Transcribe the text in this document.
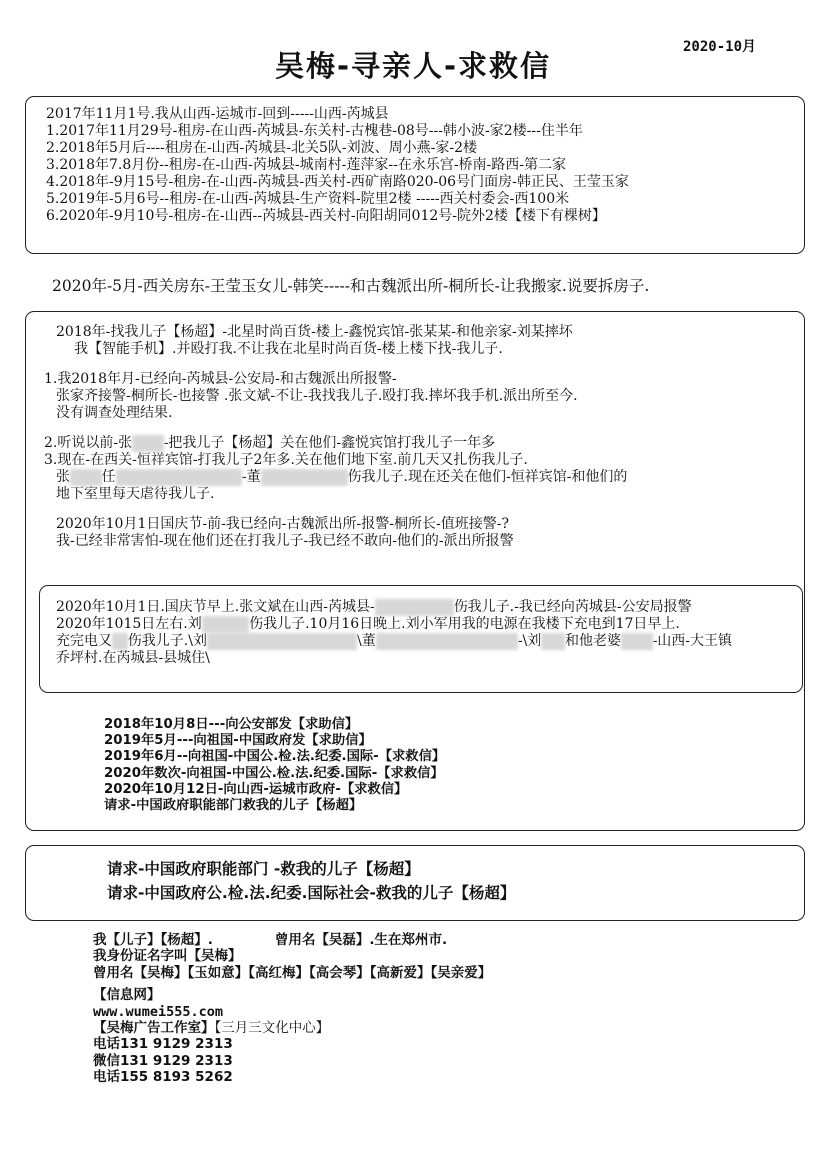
2020-10月
吴梅-寻亲人-求救信
2017年11月1号.我从山西-运城市-回到-----山西-芮城县
1.2017年11月29号-租房-在山西-芮城县-东关村-古槐巷-08号---韩小波-家2楼---住半年
2.2018年5月后----租房在-山西-芮城县-北关5队-刘波、周小燕-家-2楼
3.2018年7.8月份--租房-在-山西-芮城县-城南村-莲萍家--在永乐宫-桥南-路西-第二家
4.2018年-9月15号-租房-在-山西-芮城县-西关村-西矿南路020-06号门面房-韩正民、王莹玉家
5.2019年-5月6号--租房-在-山西-芮城县-生产资料-院里2楼 -----西关村委会-西100米
6.2020年-9月10号-租房-在-山西--芮城县-西关村-向阳胡同012号-院外2楼【楼下有棵树】
2020年-5月-西关房东-王莹玉女儿-韩笑-----和古魏派出所-桐所长-让我搬家.说要拆房子.
2018年-找我儿子【杨超】-北星时尚百货-楼上-鑫悦宾馆-张某某-和他亲家-刘某摔坏
我【智能手机】.并殴打我.不让我在北星时尚百货-楼上楼下找-我儿子.
1.我2018年月-已经向-芮城县-公安局-和古魏派出所报警-
张家齐接警-桐所长-也接警 .张文斌-不让-我找我儿子.殴打我.摔坏我手机.派出所至今.
没有调查处理结果.
2.听说以前-张xxxx-把我儿子【杨超】关在他们-鑫悦宾馆打我儿子一年多
3.现在-在西关-恒祥宾馆-打我儿子2年多.关在他们地下室.前几天又扎伤我儿子.
张xxxx任xxxxxxxxxxxxxxxx-董xxxxxxxxxxx伤我儿子.现在还关在他们-恒祥宾馆-和他们的
地下室里每天虐待我儿子.
2020年10月1日国庆节-前-我已经向-古魏派出所-报警-桐所长-值班接警-?
我-已经非常害怕-现在他们还在打我儿子-我已经不敢向-他们的-派出所报警
2020年10月1日.国庆节早上.张文斌在山西-芮城县-xxxxxxxxxx伤我儿子.-我已经向芮城县-公安局报警
2020年1015日左右.刘xxxxxx伤我儿子.10月16日晚上.刘小军用我的电源在我楼下充电到17日早上.
充完电又xx伤我儿子.\刘xxxxxxxxxxxxxxxxxxx\董xxxxxxxxxxxxxxxxxx-\刘xxx和他老婆xxxx-山西-大王镇
乔坪村.在芮城县-县城住\
2018年10月8日---向公安部发【求助信】
2019年5月---向祖国-中国政府发【求助信】
2019年6月--向祖国-中国公.检.法.纪委.国际-【求救信】
2020年数次-向祖国-中国公.检.法.纪委.国际-【求救信】
2020年10月12日-向山西-运城市政府-【求救信】
请求-中国政府职能部门救我的儿子【杨超】
请求-中国政府职能部门 -救我的儿子【杨超】
请求-中国政府公.检.法.纪委.国际社会-救我的儿子【杨超】
我【儿子】【杨超】.	曾用名【吴磊】.生在郑州市.
我身份证名字叫【吴梅】
曾用名【吴梅】【玉如意】【高红梅】【高会琴】【高新爱】【吴亲爱】
【信息网】
www.wumei555.com
【吴梅广告工作室】【三月三文化中心】
电话131 9129 2313
微信131 9129 2313
电话155 8193 5262
